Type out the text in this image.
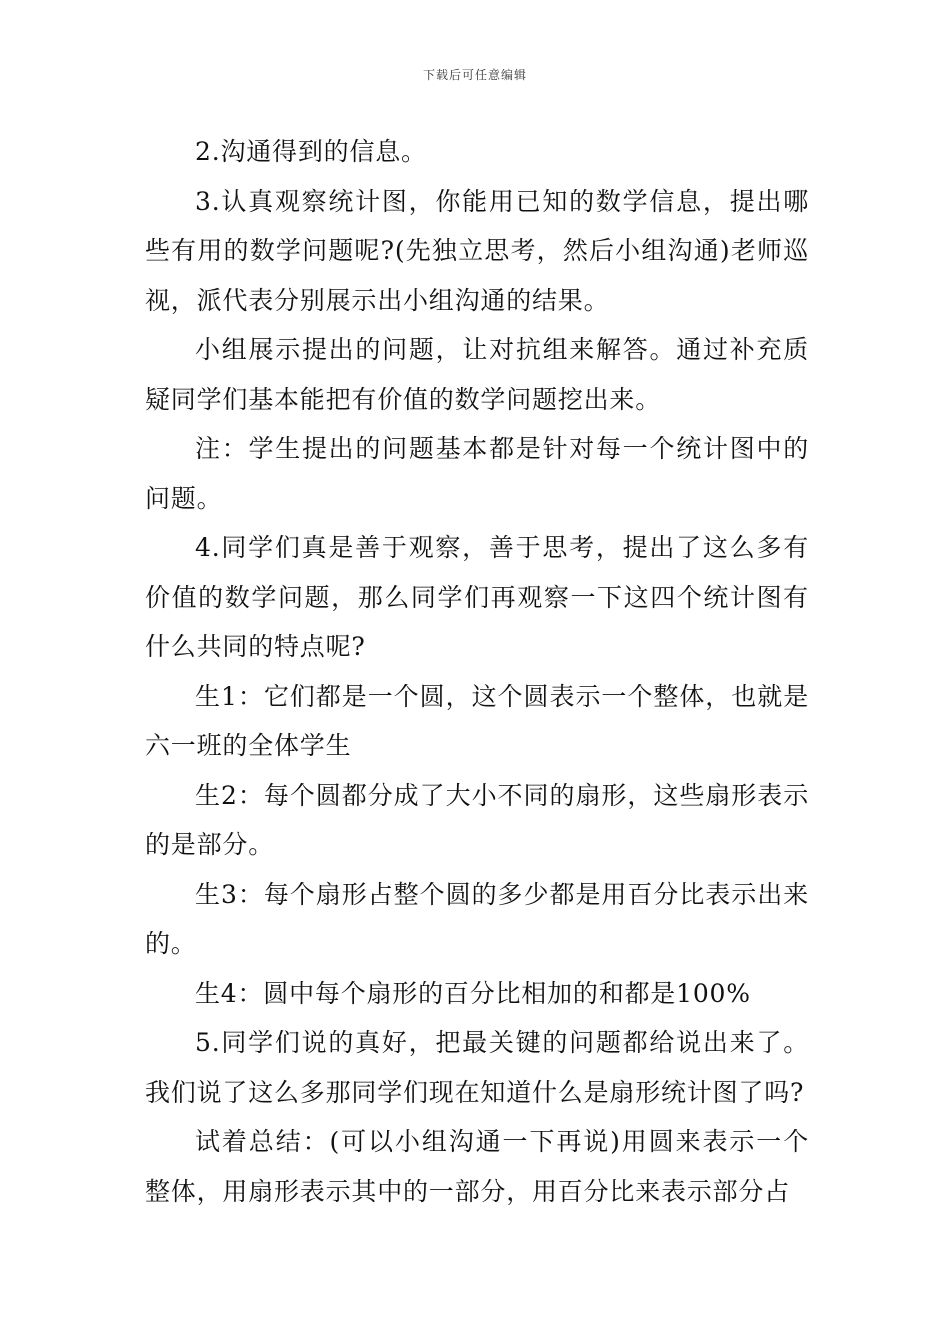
下载后可任意编辑

2.沟通得到的信息。

3.认真观察统计图，你能用已知的数学信息，提出哪些有用的数学问题呢?(先独立思考，然后小组沟通)老师巡视，派代表分别展示出小组沟通的结果。

小组展示提出的问题，让对抗组来解答。通过补充质疑同学们基本能把有价值的数学问题挖出来。

注：学生提出的问题基本都是针对每一个统计图中的问题。

4.同学们真是善于观察，善于思考，提出了这么多有价值的数学问题，那么同学们再观察一下这四个统计图有什么共同的特点呢?

生1：它们都是一个圆，这个圆表示一个整体，也就是六一班的全体学生

生2：每个圆都分成了大小不同的扇形，这些扇形表示的是部分。

生3：每个扇形占整个圆的多少都是用百分比表示出来的。

生4：圆中每个扇形的百分比相加的和都是100%

5.同学们说的真好，把最关键的问题都给说出来了。我们说了这么多那同学们现在知道什么是扇形统计图了吗?

试着总结：(可以小组沟通一下再说)用圆来表示一个整体，用扇形表示其中的一部分，用百分比来表示部分占
